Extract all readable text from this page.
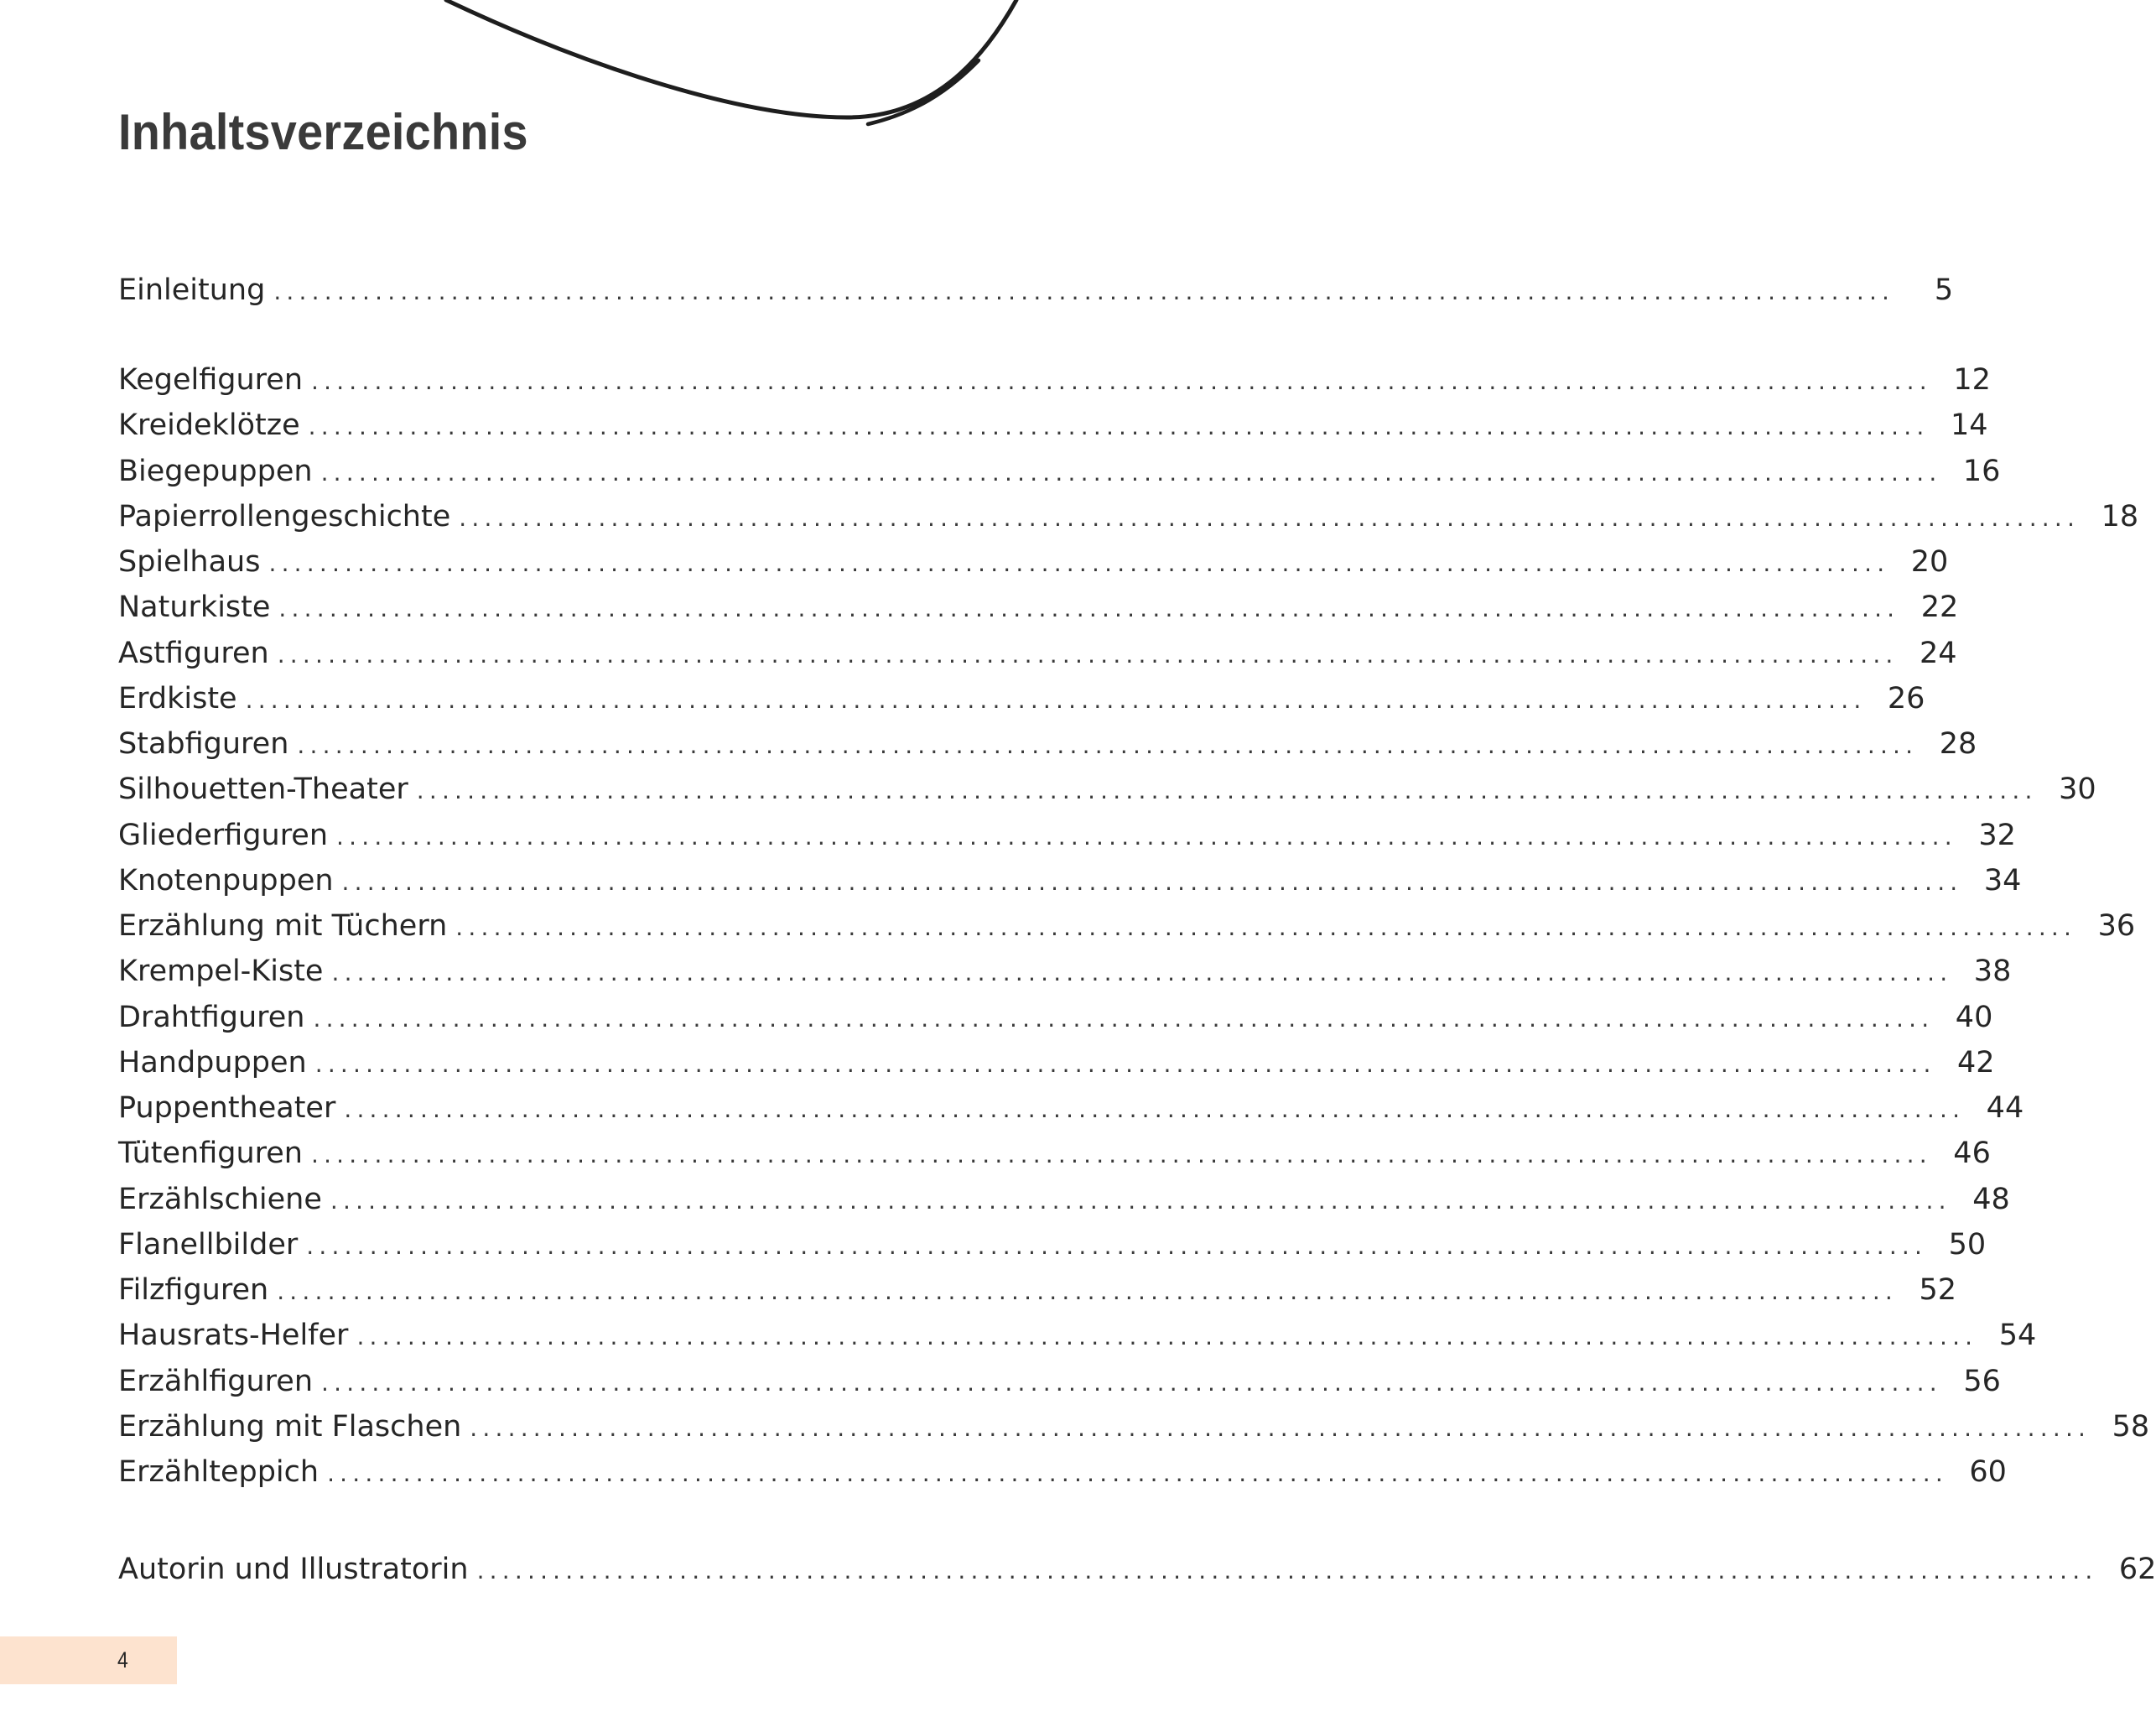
Inhaltsverzeichnis
Einleitung ................................................................................................................................	5
Kegelfiguren ................................................................................................................................ 12
Kreideklötze ................................................................................................................................ 14
Biegepuppen ................................................................................................................................ 16
Papierrollengeschichte ................................................................................................................................ 18
Spielhaus ................................................................................................................................ 20
Naturkiste ................................................................................................................................ 22
Astfiguren ................................................................................................................................ 24
Erdkiste ................................................................................................................................ 26
Stabfiguren ................................................................................................................................ 28
Silhouetten-Theater ................................................................................................................................ 30
Gliederfiguren ................................................................................................................................ 32
Knotenpuppen ................................................................................................................................ 34
Erzählung mit Tüchern ................................................................................................................................ 36
Krempel-Kiste ................................................................................................................................ 38
Drahtfiguren ................................................................................................................................ 40
Handpuppen ................................................................................................................................ 42
Puppentheater ................................................................................................................................ 44
Tütenfiguren ................................................................................................................................ 46
Erzählschiene ................................................................................................................................ 48
Flanellbilder ................................................................................................................................ 50
Filzfiguren ................................................................................................................................ 52
Hausrats-Helfer ................................................................................................................................ 54
Erzählfiguren ................................................................................................................................ 56
Erzählung mit Flaschen ................................................................................................................................ 58
Erzählteppich ................................................................................................................................ 60
Autorin und Illustratorin ................................................................................................................................ 62
4
